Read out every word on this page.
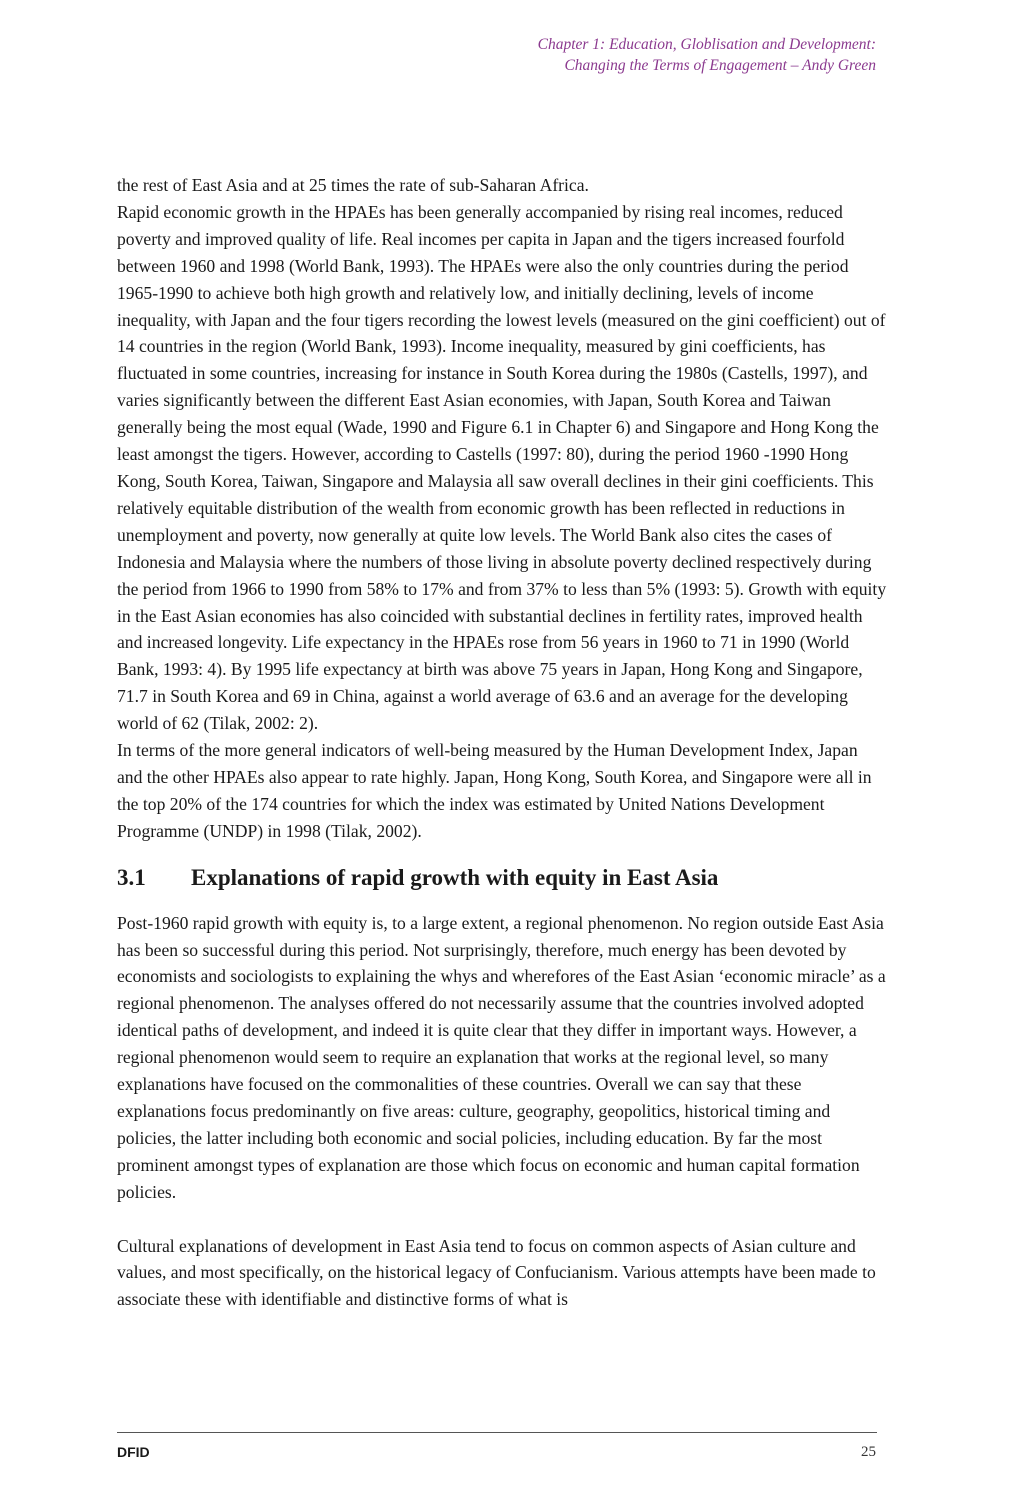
Chapter 1: Education, Globlisation and Development:
Changing the Terms of Engagement – Andy Green

the rest of East Asia and at 25 times the rate of sub-Saharan Africa.

Rapid economic growth in the HPAEs has been generally accompanied by rising real incomes, reduced poverty and improved quality of life. Real incomes per capita in Japan and the tigers increased fourfold between 1960 and 1998 (World Bank, 1993). The HPAEs were also the only countries during the period 1965-1990 to achieve both high growth and relatively low, and initially declining, levels of income inequality, with Japan and the four tigers recording the lowest levels (measured on the gini coefficient) out of 14 countries in the region (World Bank, 1993). Income inequality, measured by gini coefficients, has fluctuated in some countries, increasing for instance in South Korea during the 1980s (Castells, 1997), and varies significantly between the different East Asian economies, with Japan, South Korea and Taiwan generally being the most equal (Wade, 1990 and Figure 6.1 in Chapter 6) and Singapore and Hong Kong the least amongst the tigers. However, according to Castells (1997: 80), during the period 1960 -1990 Hong Kong, South Korea, Taiwan, Singapore and Malaysia all saw overall declines in their gini coefficients. This relatively equitable distribution of the wealth from economic growth has been reflected in reductions in unemployment and poverty, now generally at quite low levels. The World Bank also cites the cases of Indonesia and Malaysia where the numbers of those living in absolute poverty declined respectively during the period from 1966 to 1990 from 58% to 17% and from 37% to less than 5% (1993: 5). Growth with equity in the East Asian economies has also coincided with substantial declines in fertility rates, improved health and increased longevity. Life expectancy in the HPAEs rose from 56 years in 1960 to 71 in 1990 (World Bank, 1993: 4). By 1995 life expectancy at birth was above 75 years in Japan, Hong Kong and Singapore, 71.7 in South Korea and 69 in China, against a world average of 63.6 and an average for the developing world of 62 (Tilak, 2002: 2).

In terms of the more general indicators of well-being measured by the Human Development Index, Japan and the other HPAEs also appear to rate highly. Japan, Hong Kong, South Korea, and Singapore were all in the top 20% of the 174 countries for which the index was estimated by United Nations Development Programme (UNDP) in 1998 (Tilak, 2002).

3.1	Explanations of rapid growth with equity in East Asia

Post-1960 rapid growth with equity is, to a large extent, a regional phenomenon. No region outside East Asia has been so successful during this period. Not surprisingly, therefore, much energy has been devoted by economists and sociologists to explaining the whys and wherefores of the East Asian ‘economic miracle’ as a regional phenomenon. The analyses offered do not necessarily assume that the countries involved adopted identical paths of development, and indeed it is quite clear that they differ in important ways. However, a regional phenomenon would seem to require an explanation that works at the regional level, so many explanations have focused on the commonalities of these countries. Overall we can say that these explanations focus predominantly on five areas: culture, geography, geopolitics, historical timing and policies, the latter including both economic and social policies, including education. By far the most prominent amongst types of explanation are those which focus on economic and human capital formation policies.

Cultural explanations of development in East Asia tend to focus on common aspects of Asian culture and values, and most specifically, on the historical legacy of Confucianism. Various attempts have been made to associate these with identifiable and distinctive forms of what is

DFID	25
